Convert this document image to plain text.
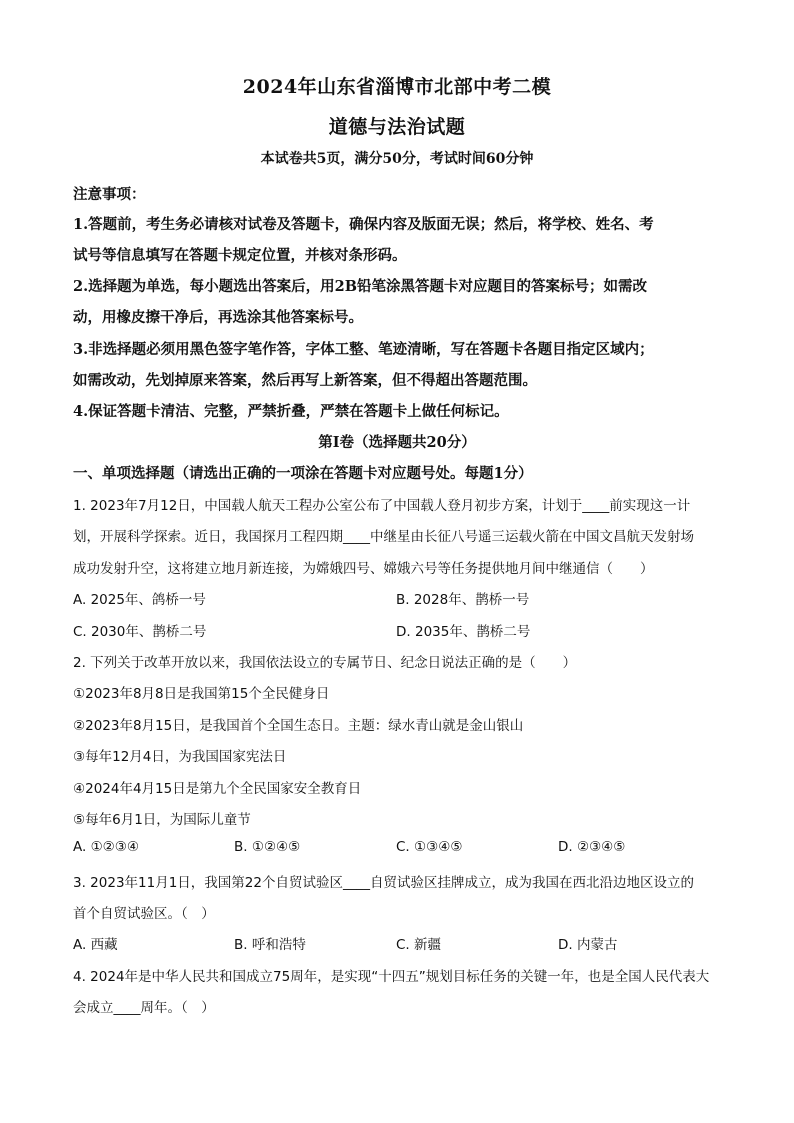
2024年山东省淄博市北部中考二模
道德与法治试题
本试卷共5页，满分50分，考试时间60分钟
注意事项：
1.答题前，考生务必请核对试卷及答题卡，确保内容及版面无误；然后，将学校、姓名、考
试号等信息填写在答题卡规定位置，并核对条形码。
2.选择题为单选，每小题选出答案后，用2B铅笔涂黑答题卡对应题目的答案标号；如需改
动，用橡皮擦干净后，再选涂其他答案标号。
3.非选择题必须用黑色签字笔作答，字体工整、笔迹清晰，写在答题卡各题目指定区域内；
如需改动，先划掉原来答案，然后再写上新答案，但不得超出答题范围。
4.保证答题卡清洁、完整，严禁折叠，严禁在答题卡上做任何标记。
第Ⅰ卷（选择题共20分）
一、单项选择题（请选出正确的一项涂在答题卡对应题号处。每题1分）
1. 2023年7月12日，中国载人航天工程办公室公布了中国载人登月初步方案，计划于____前实现这一计
划，开展科学探索。近日，我国探月工程四期____中继星由长征八号遥三运载火箭在中国文昌航天发射场
成功发射升空，这将建立地月新连接，为嫦娥四号、嫦娥六号等任务提供地月间中继通信（　　）
A. 2025年、鸽桥一号	B. 2028年、鹊桥一号
C. 2030年、鹊桥二号	D. 2035年、鹊桥二号
2. 下列关于改革开放以来，我国依法设立的专属节日、纪念日说法正确的是（　　）
①2023年8月8日是我国第15个全民健身日
②2023年8月15日，是我国首个全国生态日。主题：绿水青山就是金山银山
③每年12月4日，为我国国家宪法日
④2024年4月15日是第九个全民国家安全教育日
⑤每年6月1日，为国际儿童节
A. ①②③④	B. ①②④⑤	C. ①③④⑤	D. ②③④⑤
3. 2023年11月1日，我国第22个自贸试验区____自贸试验区挂牌成立，成为我国在西北沿边地区设立的
首个自贸试验区。（　）
A. 西藏	B. 呼和浩特	C. 新疆	D. 内蒙古
4. 2024年是中华人民共和国成立75周年，是实现“十四五”规划目标任务的关键一年，也是全国人民代表大
会成立____周年。（　）
